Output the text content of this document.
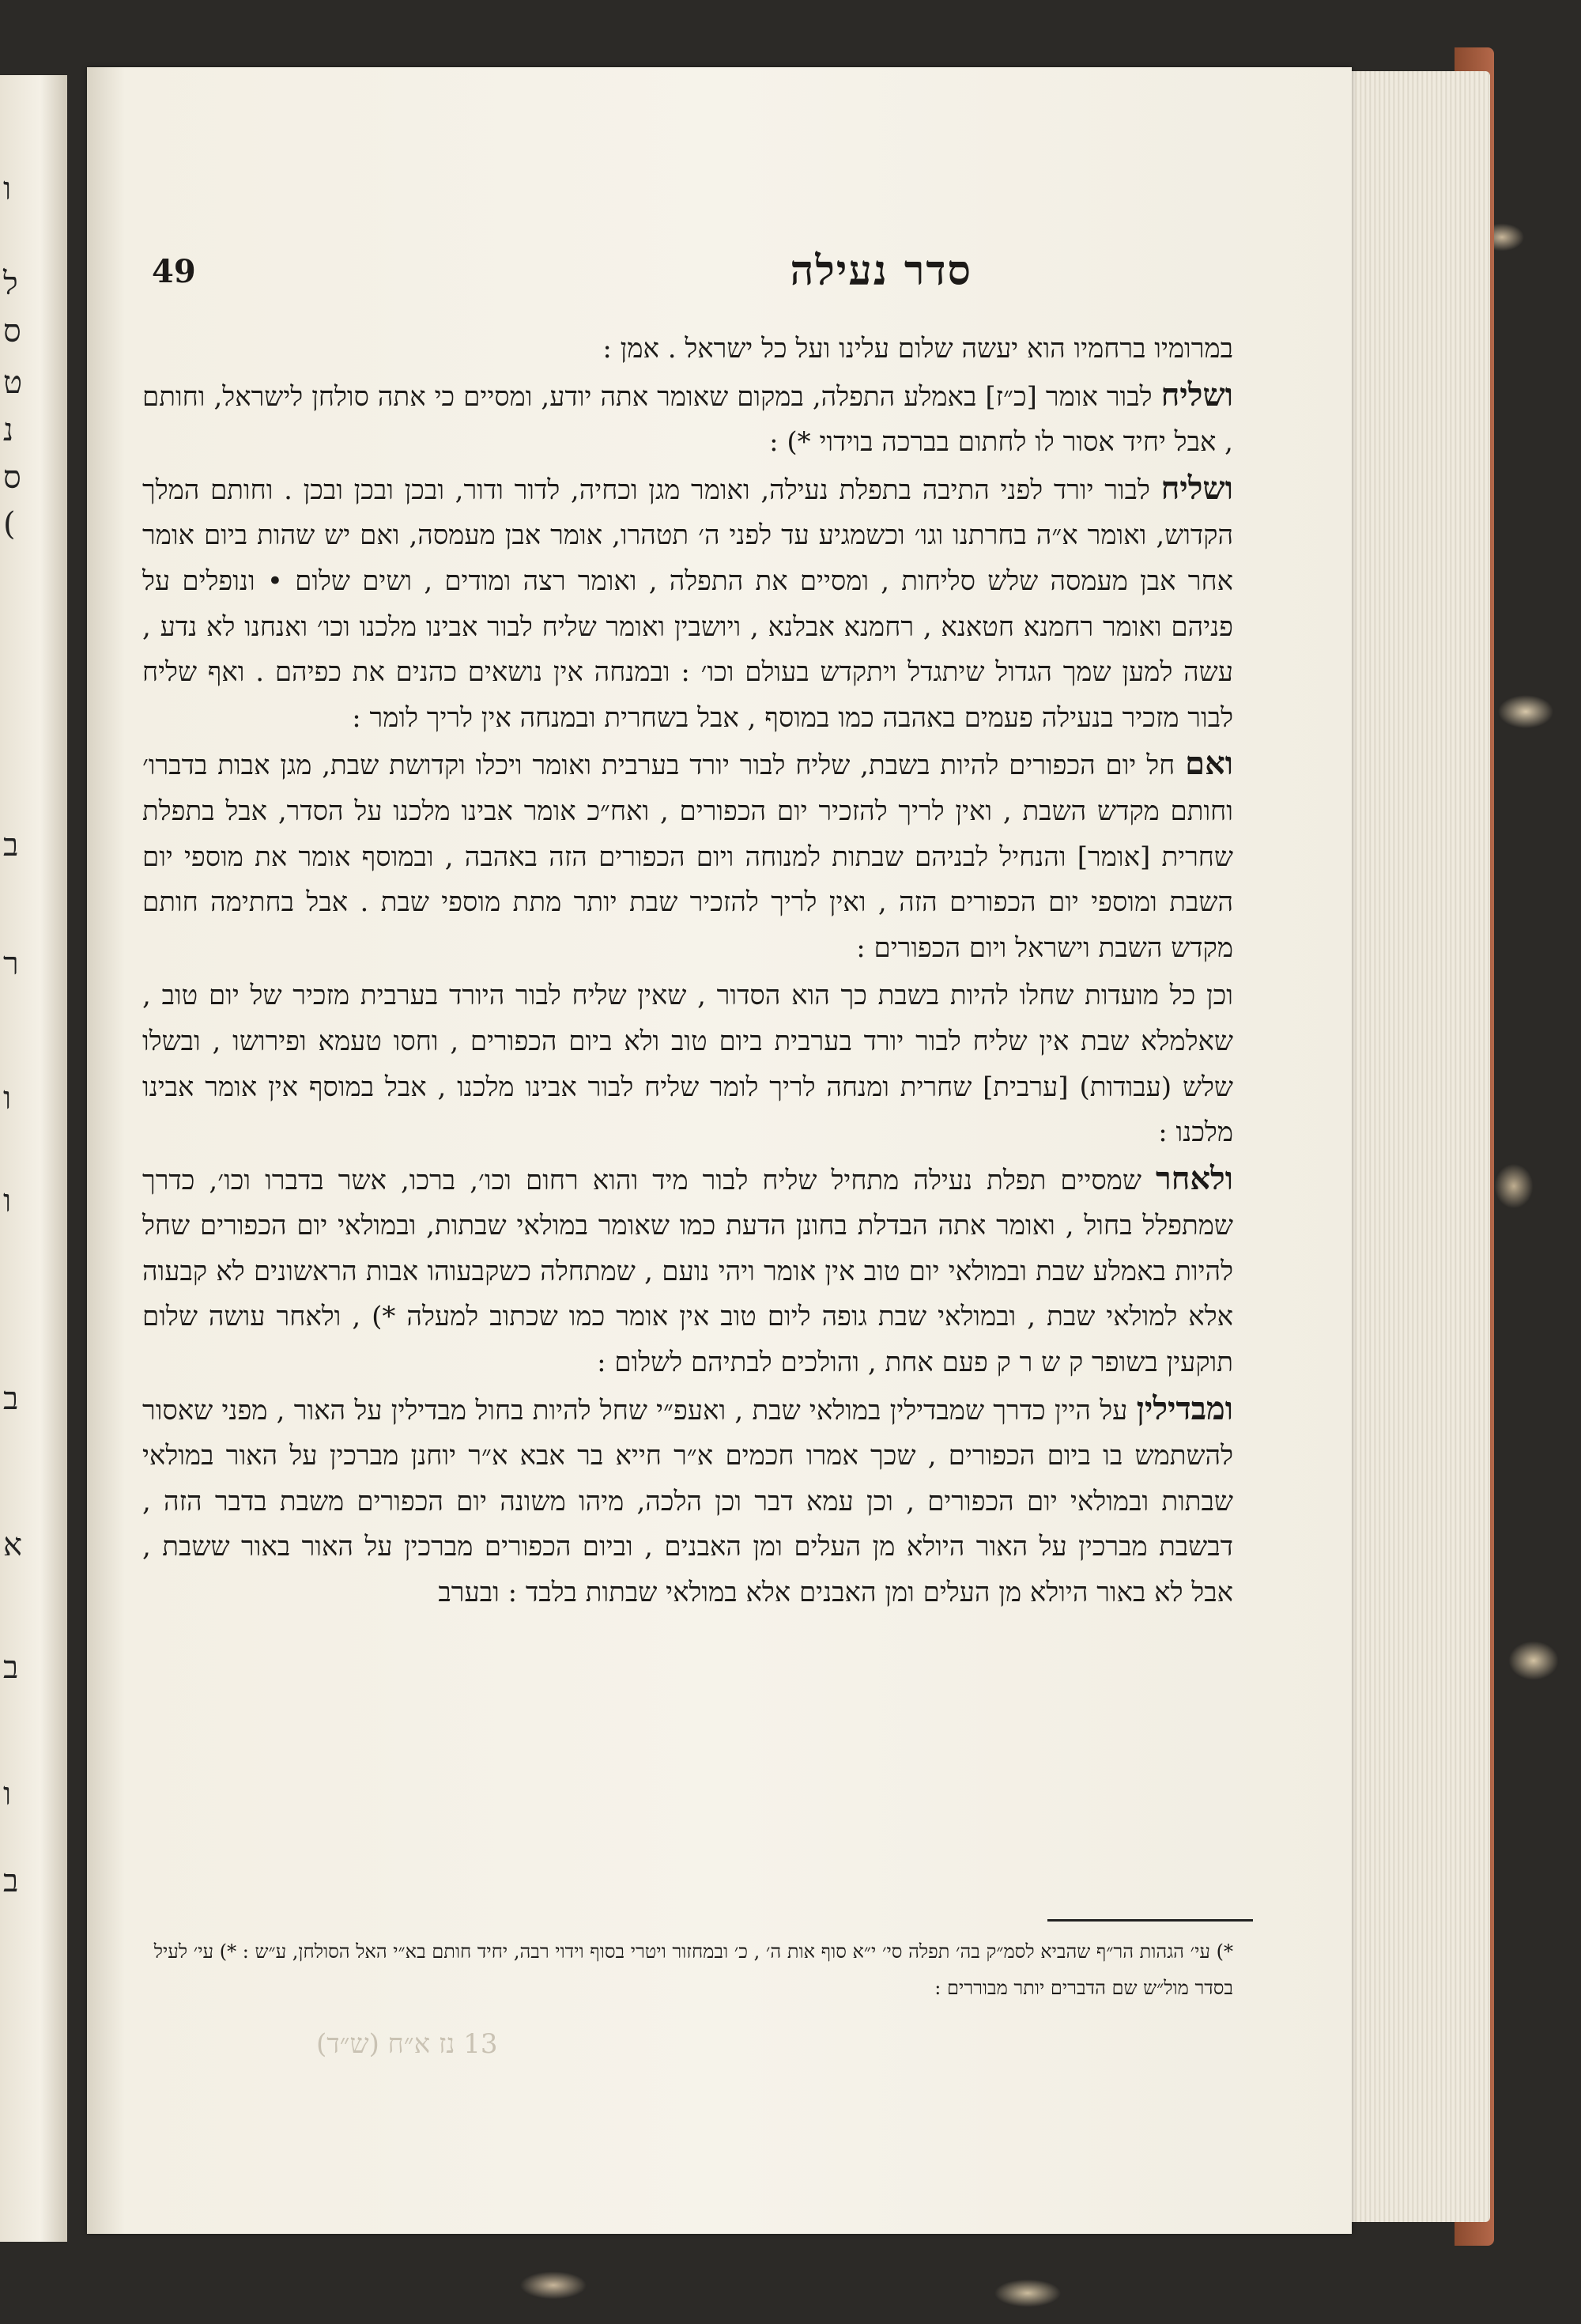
ו
ל
ס
ט
נ
ס
(
ב
ר
ו
ו
ב
א
ב
ו
ב
סדר נעילה
49

במרומיו ברחמיו הוא יעשה שלום עלינו ועל כל ישראל . אמן :

ושליח לבור אומר [כ״ז] באמלע התפלה, במקום שאומר אתה יודע, ומסיים כי אתה סולחן לישראל, וחותם , אבל יחיד אסור לו לחתום בברכה בוידוי *) :

ושליח לבור יורד לפני התיבה בתפלת נעילה, ואומר מגן וכחיה, לדור ודור, ובכן ובכן ובכן . וחותם המלך הקדוש, ואומר א״ה בחרתנו וגו׳ וכשמגיע עד לפני ה׳ תטהרו, אומר אבן מעמסה, ואם יש שהות ביום אומר אחר אבן מעמסה שלש סליחות , ומסיים את התפלה , ואומר רצה ומודים , ושים שלום • ונופלים על פניהם ואומר רחמנא חטאנא , רחמנא אבלנא , ויושבין ואומר שליח לבור אבינו מלכנו וכו׳ ואנחנו לא נדע , עשה למען שמך הגדול שיתגדל ויתקדש בעולם וכו׳ : ובמנחה אין נושאים כהנים את כפיהם . ואף שליח לבור מזכיר בנעילה פעמים באהבה כמו במוסף , אבל בשחרית ובמנחה אין לריך לומר :

ואם חל יום הכפורים להיות בשבת, שליח לבור יורד בערבית ואומר ויכלו וקדושת שבת, מגן אבות בדברו׳ וחותם מקדש השבת , ואין לריך להזכיר יום הכפורים , ואח״כ אומר אבינו מלכנו על הסדר, אבל בתפלת שחרית [אומר] והנחיל לבניהם שבתות למנוחה ויום הכפורים הזה באהבה , ובמוסף אומר את מוספי יום השבת ומוספי יום הכפורים הזה , ואין לריך להזכיר שבת יותר מתת מוספי שבת . אבל בחתימה חותם מקדש השבת וישראל ויום הכפורים :

וכן כל מועדות שחלו להיות בשבת כך הוא הסדור , שאין שליח לבור היורד בערבית מזכיר של יום טוב , שאלמלא שבת אין שליח לבור יורד בערבית ביום טוב ולא ביום הכפורים , וחסו טעמא ופירושו , ובשלו שלש (עבודות) [ערבית] שחרית ומנחה לריך לומר שליח לבור אבינו מלכנו , אבל במוסף אין אומר אבינו מלכנו :

ולאחר שמסיים תפלת נעילה מתחיל שליח לבור מיד והוא רחום וכו׳, ברכו, אשר בדברו וכו׳, כדרך שמתפלל בחול , ואומר אתה הבדלת בחונן הדעת כמו שאומר במולאי שבתות, ובמולאי יום הכפורים שחל להיות באמלע שבת ובמולאי יום טוב אין אומר ויהי נועם , שמתחלה כשקבעוהו אבות הראשונים לא קבעוה אלא למולאי שבת , ובמולאי שבת גופה ליום טוב אין אומר כמו שכתוב למעלה *) , ולאחר עושה שלום תוקעין בשופר ק ש ר ק פעם אחת , והולכים לבתיהם לשלום :

ומבדילין על היין כדרך שמבדילין במולאי שבת , ואעפ״י שחל להיות בחול מבדילין על האור , מפני שאסור להשתמש בו ביום הכפורים , שכך אמרו חכמים א״ר חייא בר אבא א״ר יוחנן מברכין על האור במולאי שבתות ובמולאי יום הכפורים , וכן עמא דבר וכן הלכה, מיהו משונה יום הכפורים משבת בדבר הזה , דבשבת מברכין על האור היולא מן העלים ומן האבנים , וביום הכפורים מברכין על האור באור ששבת , אבל לא באור היולא מן העלים ומן האבנים אלא במולאי שבתות בלבד : ובערב

*) עי׳ הגהות הר״ף שהביא לסמ״ק בה׳ תפלה סי׳ י״א סוף אות ה׳ , כ׳ ובמחזור ויטרי בסוף וידוי רבה, יחיד חותם בא״י האל הסולחן, ע״ש : *) עי׳ לעיל בסדר מול״ש שם הדברים יותר מבוררים :
13 נז א״ח (ש״ד)
